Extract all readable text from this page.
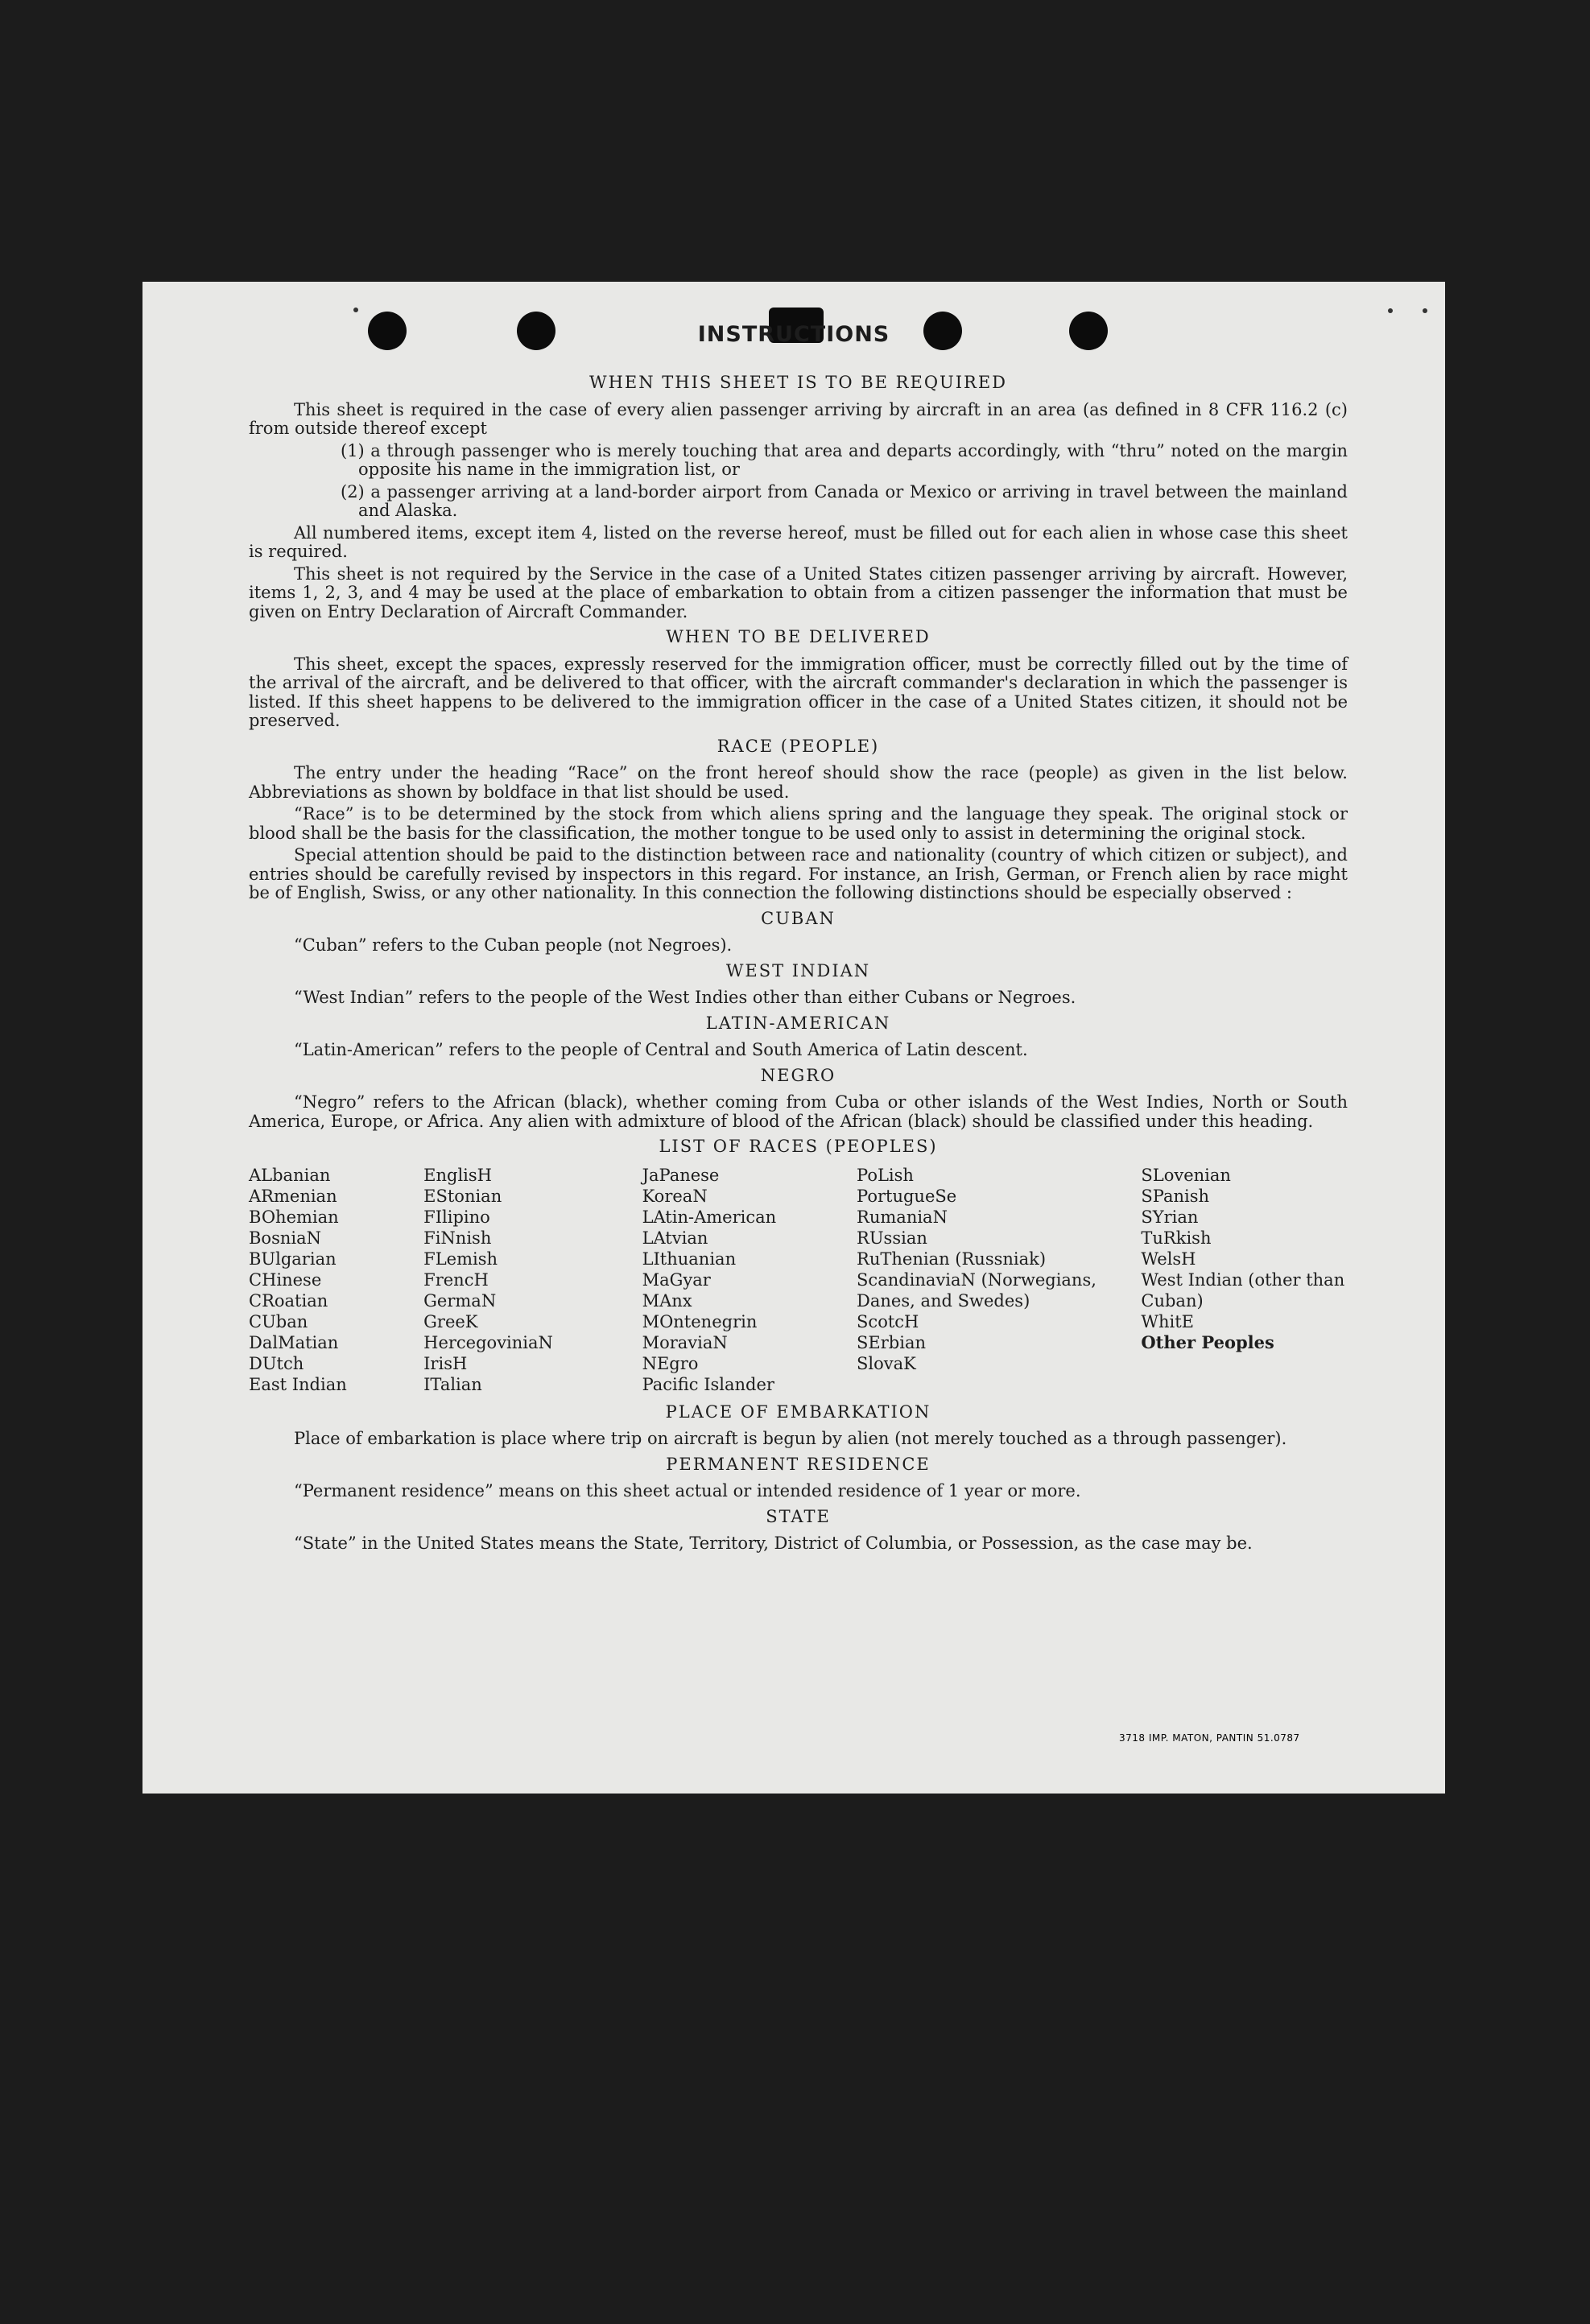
INSTRUCTIONS
WHEN THIS SHEET IS TO BE REQUIRED

This sheet is required in the case of every alien passenger arriving by aircraft in an area (as defined in 8 CFR 116.2 (c) from outside thereof except

(1) a through passenger who is merely touching that area and departs accordingly, with “thru” noted on the margin opposite his name in the immigration list, or

(2) a passenger arriving at a land-border airport from Canada or Mexico or arriving in travel between the mainland and Alaska.

All numbered items, except item 4, listed on the reverse hereof, must be filled out for each alien in whose case this sheet is required.

This sheet is not required by the Service in the case of a United States citizen passenger arriving by aircraft. However, items 1, 2, 3, and 4 may be used at the place of embarkation to obtain from a citizen passenger the information that must be given on Entry Declaration of Aircraft Commander.

WHEN TO BE DELIVERED

This sheet, except the spaces, expressly reserved for the immigration officer, must be correctly filled out by the time of the arrival of the aircraft, and be delivered to that officer, with the aircraft commander's declaration in which the passenger is listed. If this sheet happens to be delivered to the immigration officer in the case of a United States citizen, it should not be preserved.

RACE (PEOPLE)

The entry under the heading “Race” on the front hereof should show the race (people) as given in the list below. Abbreviations as shown by boldface in that list should be used.

“Race” is to be determined by the stock from which aliens spring and the language they speak. The original stock or blood shall be the basis for the classification, the mother tongue to be used only to assist in determining the original stock.

Special attention should be paid to the distinction between race and nationality (country of which citizen or subject), and entries should be carefully revised by inspectors in this regard. For instance, an Irish, German, or French alien by race might be of English, Swiss, or any other nationality. In this connection the following distinctions should be especially observed :

CUBAN

“Cuban” refers to the Cuban people (not Negroes).

WEST INDIAN

“West Indian” refers to the people of the West Indies other than either Cubans or Negroes.

LATIN-AMERICAN

“Latin-American” refers to the people of Central and South America of Latin descent.

NEGRO

“Negro” refers to the African (black), whether coming from Cuba or other islands of the West Indies, North or South America, Europe, or Africa. Any alien with admixture of blood of the African (black) should be classified under this heading.

LIST OF RACES (PEOPLES)
ALbanian
ARmenian
BOhemian
BosniaN
BUlgarian
CHinese
CRoatian
CUban
DalMatian
DUtch
East Indian
EnglisH
EStonian
FIlipino
FiNnish
FLemish
FrencH
GermaN
GreeK
HercegoviniaN
IrisH
ITalian
JaPanese
KoreaN
LAtin-American
LAtvian
LIthuanian
MaGyar
MAnx
MOntenegrin
MoraviaN
NEgro
Pacific Islander
PoLish
PortugueSe
RumaniaN
RUssian
RuThenian (Russniak)
ScandinaviaN (Norwegians, Danes, and Swedes)
ScotcH
SErbian
SlovaK
SLovenian
SPanish
SYrian
TuRkish
WelsH
West Indian (other than Cuban)
WhitE
Other Peoples
PLACE OF EMBARKATION

Place of embarkation is place where trip on aircraft is begun by alien (not merely touched as a through passenger).

PERMANENT RESIDENCE

“Permanent residence” means on this sheet actual or intended residence of 1 year or more.

STATE

“State” in the United States means the State, Territory, District of Columbia, or Possession, as the case may be.

3718 IMP. MATON, PANTIN 51.0787
